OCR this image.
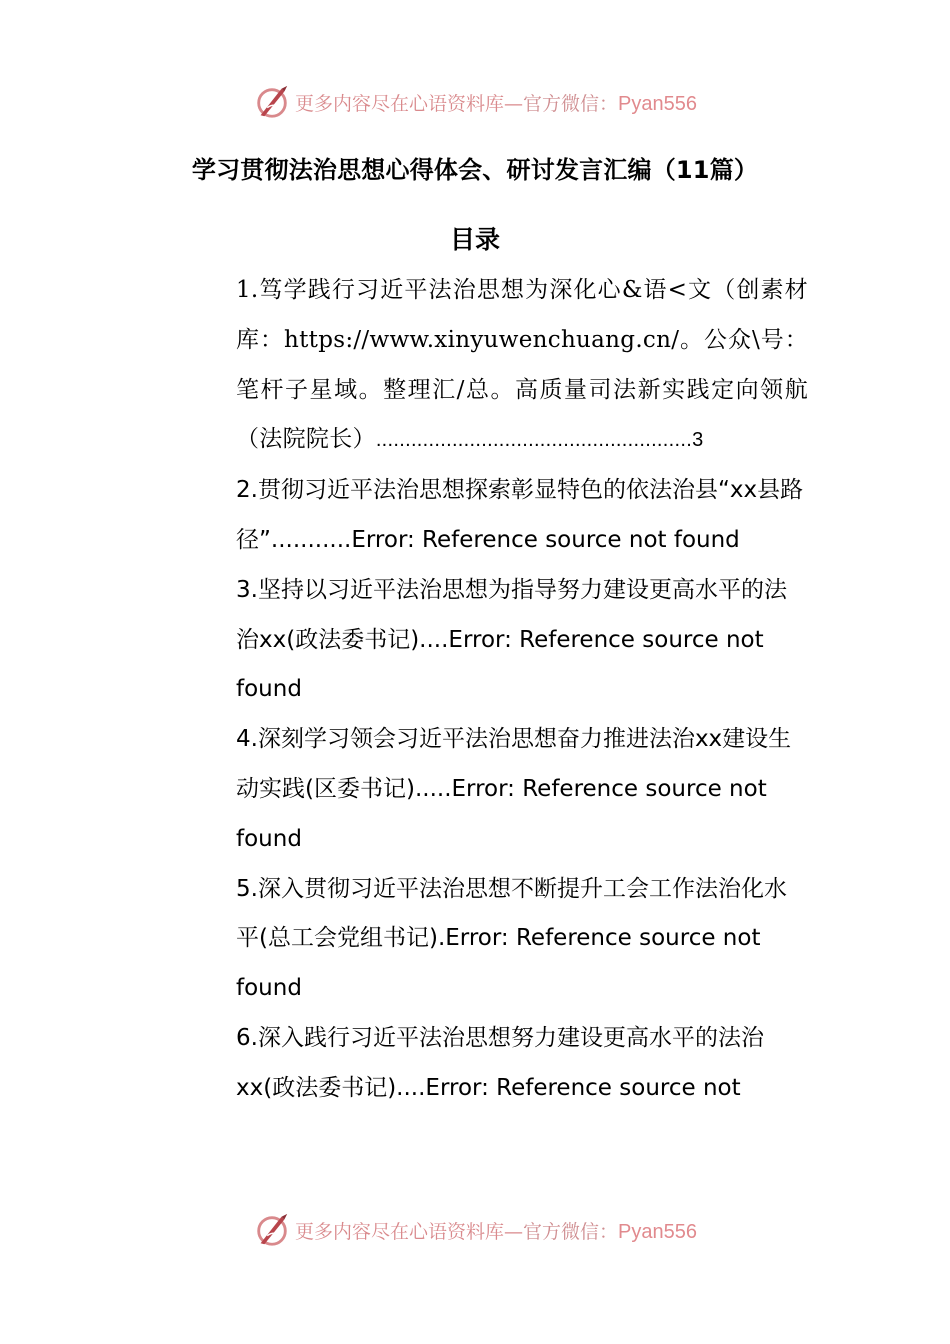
更多内容尽在心语资料库—官方微信：Pyan556
学习贯彻法治思想心得体会、研讨发言汇编（11篇）
目录
1.笃学践行习近平法治思想为深化心&语<文（创素材库：https://www.xinyuwenchuang.cn/。公众\号：笔杆子星域。整理汇/总。高质量司法新实践定向领航（法院院长）......................................................3
2.贯彻习近平法治思想探索彰显特色的依法治县“xx县路径”...........Error: Reference source not found
3.坚持以习近平法治思想为指导努力建设更高水平的法治xx(政法委书记)....Error: Reference source not found
4.深刻学习领会习近平法治思想奋力推进法治xx建设生动实践(区委书记).....Error: Reference source not found
5.深入贯彻习近平法治思想不断提升工会工作法治化水平(总工会党组书记).Error: Reference source not found
6.深入践行习近平法治思想努力建设更高水平的法治xx(政法委书记)....Error: Reference source not
更多内容尽在心语资料库—官方微信：Pyan556
